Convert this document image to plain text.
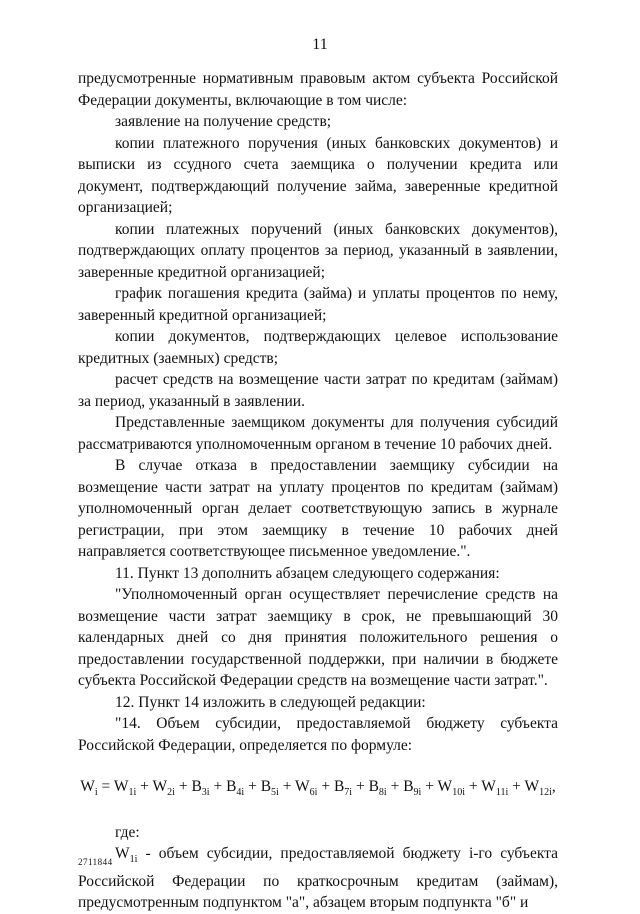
11

предусмотренные нормативным правовым актом субъекта Российской Федерации документы, включающие в том числе:

заявление на получение средств;

копии платежного поручения (иных банковских документов) и выписки из ссудного счета заемщика о получении кредита или документ, подтверждающий получение займа, заверенные кредитной организацией;

копии платежных поручений (иных банковских документов), подтверждающих оплату процентов за период, указанный в заявлении, заверенные кредитной организацией;

график погашения кредита (займа) и уплаты процентов по нему, заверенный кредитной организацией;

копии документов, подтверждающих целевое использование кредитных (заемных) средств;

расчет средств на возмещение части затрат по кредитам (займам) за период, указанный в заявлении.

Представленные заемщиком документы для получения субсидий рассматриваются уполномоченным органом в течение 10 рабочих дней.

В случае отказа в предоставлении заемщику субсидии на возмещение части затрат на уплату процентов по кредитам (займам) уполномоченный орган делает соответствующую запись в журнале регистрации, при этом заемщику в течение 10 рабочих дней направляется соответствующее письменное уведомление.".

11. Пункт 13 дополнить абзацем следующего содержания:

"Уполномоченный орган осуществляет перечисление средств на возмещение части затрат заемщику в срок, не превышающий 30 календарных дней со дня принятия положительного решения о предоставлении государственной поддержки, при наличии в бюджете субъекта Российской Федерации средств на возмещение части затрат.".

12. Пункт 14 изложить в следующей редакции:

"14. Объем субсидии, предоставляемой бюджету субъекта Российской Федерации, определяется по формуле:

$W_i = W_{1i} + W_{2i} + B_{3i} + B_{4i} + B_{5i} + W_{6i} + B_{7i} + B_{8i} + B_{9i} + W_{10i} + W_{11i} + W_{12i}$,

где:

$W_{1i}$ - объем субсидии, предоставляемой бюджету i-го субъекта Российской Федерации по краткосрочным кредитам (займам), предусмотренным подпунктом "а", абзацем вторым подпункта "б" и

2711844
